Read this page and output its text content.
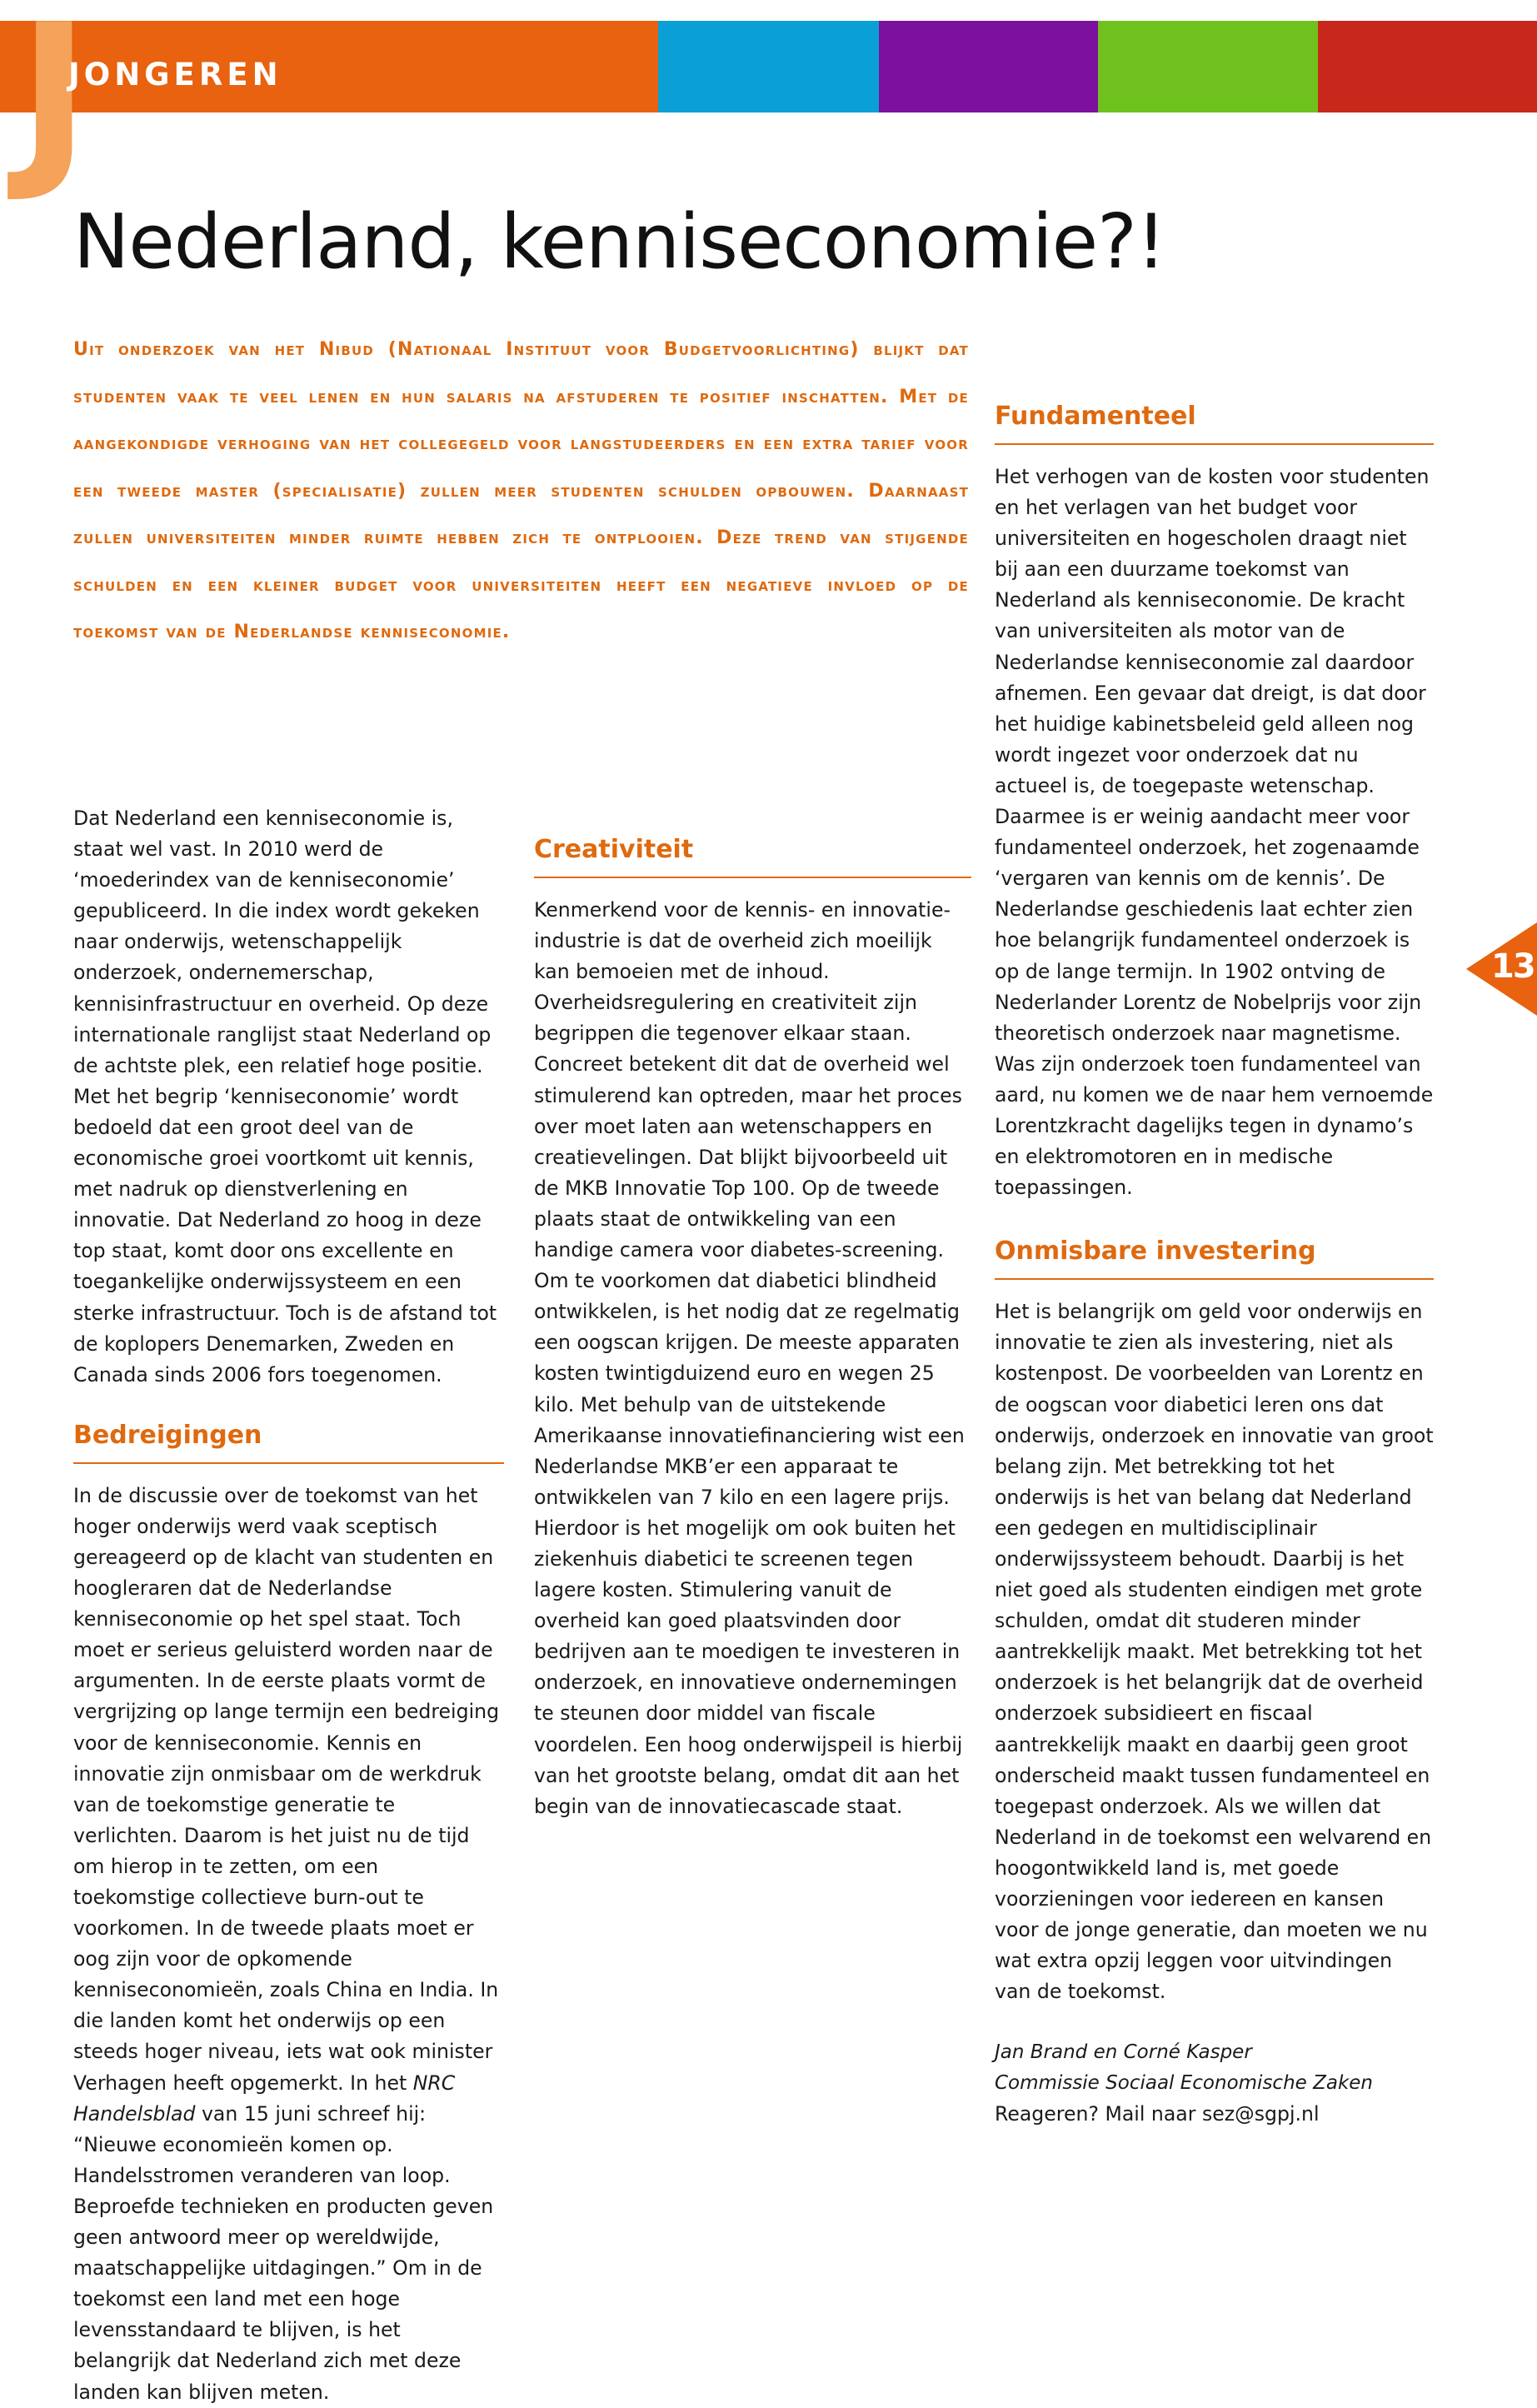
J
JONGEREN
Nederland, kenniseconomie?!
Uit onderzoek van het Nibud (Nationaal Instituut voor Budgetvoorlichting) blijkt dat studenten vaak te veel lenen en hun salaris na afstuderen te positief inschatten. Met de aangekondigde verhoging van het collegegeld voor langstudeerders en een extra tarief voor een tweede master (specialisatie) zullen meer studenten schulden opbouwen. Daarnaast zullen universiteiten minder ruimte hebben zich te ontplooien. Deze trend van stijgende schulden en een kleiner budget voor universiteiten heeft een negatieve invloed op de toekomst van de Nederlandse kenniseconomie.

Dat Nederland een kenniseconomie is, staat wel vast. In 2010 werd de ‘moederindex van de kenniseconomie’ gepubliceerd. In die index wordt gekeken naar onderwijs, wetenschappelijk onderzoek, ondernemerschap, kennisinfrastructuur en overheid. Op deze internationale ranglijst staat Nederland op de achtste plek, een relatief hoge positie. Met het begrip ‘kenniseconomie’ wordt bedoeld dat een groot deel van de economische groei voortkomt uit kennis, met nadruk op dienstverlening en innovatie. Dat Nederland zo hoog in deze top staat, komt door ons excellente en toegankelijke onderwijssysteem en een sterke infrastructuur. Toch is de afstand tot de koplopers Denemarken, Zweden en Canada sinds 2006 fors toegenomen.

Bedreigingen

In de discussie over de toekomst van het hoger onderwijs werd vaak sceptisch gereageerd op de klacht van studenten en hoogleraren dat de Nederlandse kenniseconomie op het spel staat. Toch moet er serieus geluisterd worden naar de argumenten. In de eerste plaats vormt de vergrijzing op lange termijn een bedreiging voor de kenniseconomie. Kennis en innovatie zijn onmisbaar om de werkdruk van de toekomstige generatie te verlichten. Daarom is het juist nu de tijd om hierop in te zetten, om een toekomstige collectieve burn-out te voorkomen. In de tweede plaats moet er oog zijn voor de opkomende kenniseconomieën, zoals China en India. In die landen komt het onderwijs op een steeds hoger niveau, iets wat ook minister Verhagen heeft opgemerkt. In het NRC Handelsblad van 15 juni schreef hij: “Nieuwe economieën komen op. Handelsstromen veranderen van loop. Beproefde technieken en producten geven geen antwoord meer op wereldwijde, maatschappelijke uitdagingen.” Om in de toekomst een land met een hoge levensstandaard te blijven, is het belangrijk dat Nederland zich met deze landen kan blijven meten.

Creativiteit

Kenmerkend voor de kennis- en innovatie-industrie is dat de overheid zich moeilijk kan bemoeien met de inhoud. Overheidsregulering en creativiteit zijn begrippen die tegenover elkaar staan. Concreet betekent dit dat de overheid wel stimulerend kan optreden, maar het proces over moet laten aan wetenschappers en creatievelingen. Dat blijkt bijvoorbeeld uit de MKB Innovatie Top 100. Op de tweede plaats staat de ontwikkeling van een handige camera voor diabetes-screening. Om te voorkomen dat diabetici blindheid ontwikkelen, is het nodig dat ze regelmatig een oogscan krijgen. De meeste apparaten kosten twintigduizend euro en wegen 25 kilo. Met behulp van de uitstekende Amerikaanse innovatiefinanciering wist een Nederlandse MKB’er een apparaat te ontwikkelen van 7 kilo en een lagere prijs. Hierdoor is het mogelijk om ook buiten het ziekenhuis diabetici te screenen tegen lagere kosten. Stimulering vanuit de overheid kan goed plaatsvinden door bedrijven aan te moedigen te investeren in onderzoek, en innovatieve ondernemingen te steunen door middel van fiscale voordelen. Een hoog onderwijspeil is hierbij van het grootste belang, omdat dit aan het begin van de innovatiecascade staat.

Fundamenteel

Het verhogen van de kosten voor studenten en het verlagen van het budget voor universiteiten en hogescholen draagt niet bij aan een duurzame toekomst van Nederland als kenniseconomie. De kracht van universiteiten als motor van de Nederlandse kenniseconomie zal daardoor afnemen. Een gevaar dat dreigt, is dat door het huidige kabinetsbeleid geld alleen nog wordt ingezet voor onderzoek dat nu actueel is, de toegepaste wetenschap. Daarmee is er weinig aandacht meer voor fundamenteel onderzoek, het zogenaamde ‘vergaren van kennis om de kennis’. De Nederlandse geschiedenis laat echter zien hoe belangrijk fundamenteel onderzoek is op de lange termijn. In 1902 ontving de Nederlander Lorentz de Nobelprijs voor zijn theoretisch onderzoek naar magnetisme. Was zijn onderzoek toen fundamenteel van aard, nu komen we de naar hem vernoemde Lorentzkracht dagelijks tegen in dynamo’s en elektromotoren en in medische toepassingen.

Onmisbare investering

Het is belangrijk om geld voor onderwijs en innovatie te zien als investering, niet als kostenpost. De voorbeelden van Lorentz en de oogscan voor diabetici leren ons dat onderwijs, onderzoek en innovatie van groot belang zijn. Met betrekking tot het onderwijs is het van belang dat Nederland een gedegen en multidisciplinair onderwijssysteem behoudt. Daarbij is het niet goed als studenten eindigen met grote schulden, omdat dit studeren minder aantrekkelijk maakt. Met betrekking tot het onderzoek is het belangrijk dat de overheid onderzoek subsidieert en fiscaal aantrekkelijk maakt en daarbij geen groot onderscheid maakt tussen fundamenteel en toegepast onderzoek. Als we willen dat Nederland in de toekomst een welvarend en hoogontwikkeld land is, met goede voorzieningen voor iedereen en kansen voor de jonge generatie, dan moeten we nu wat extra opzij leggen voor uitvindingen van de toekomst.

Jan Brand en Corné Kasper
Commissie Sociaal Economische Zaken

Reageren? Mail naar sez@sgpj.nl

13
